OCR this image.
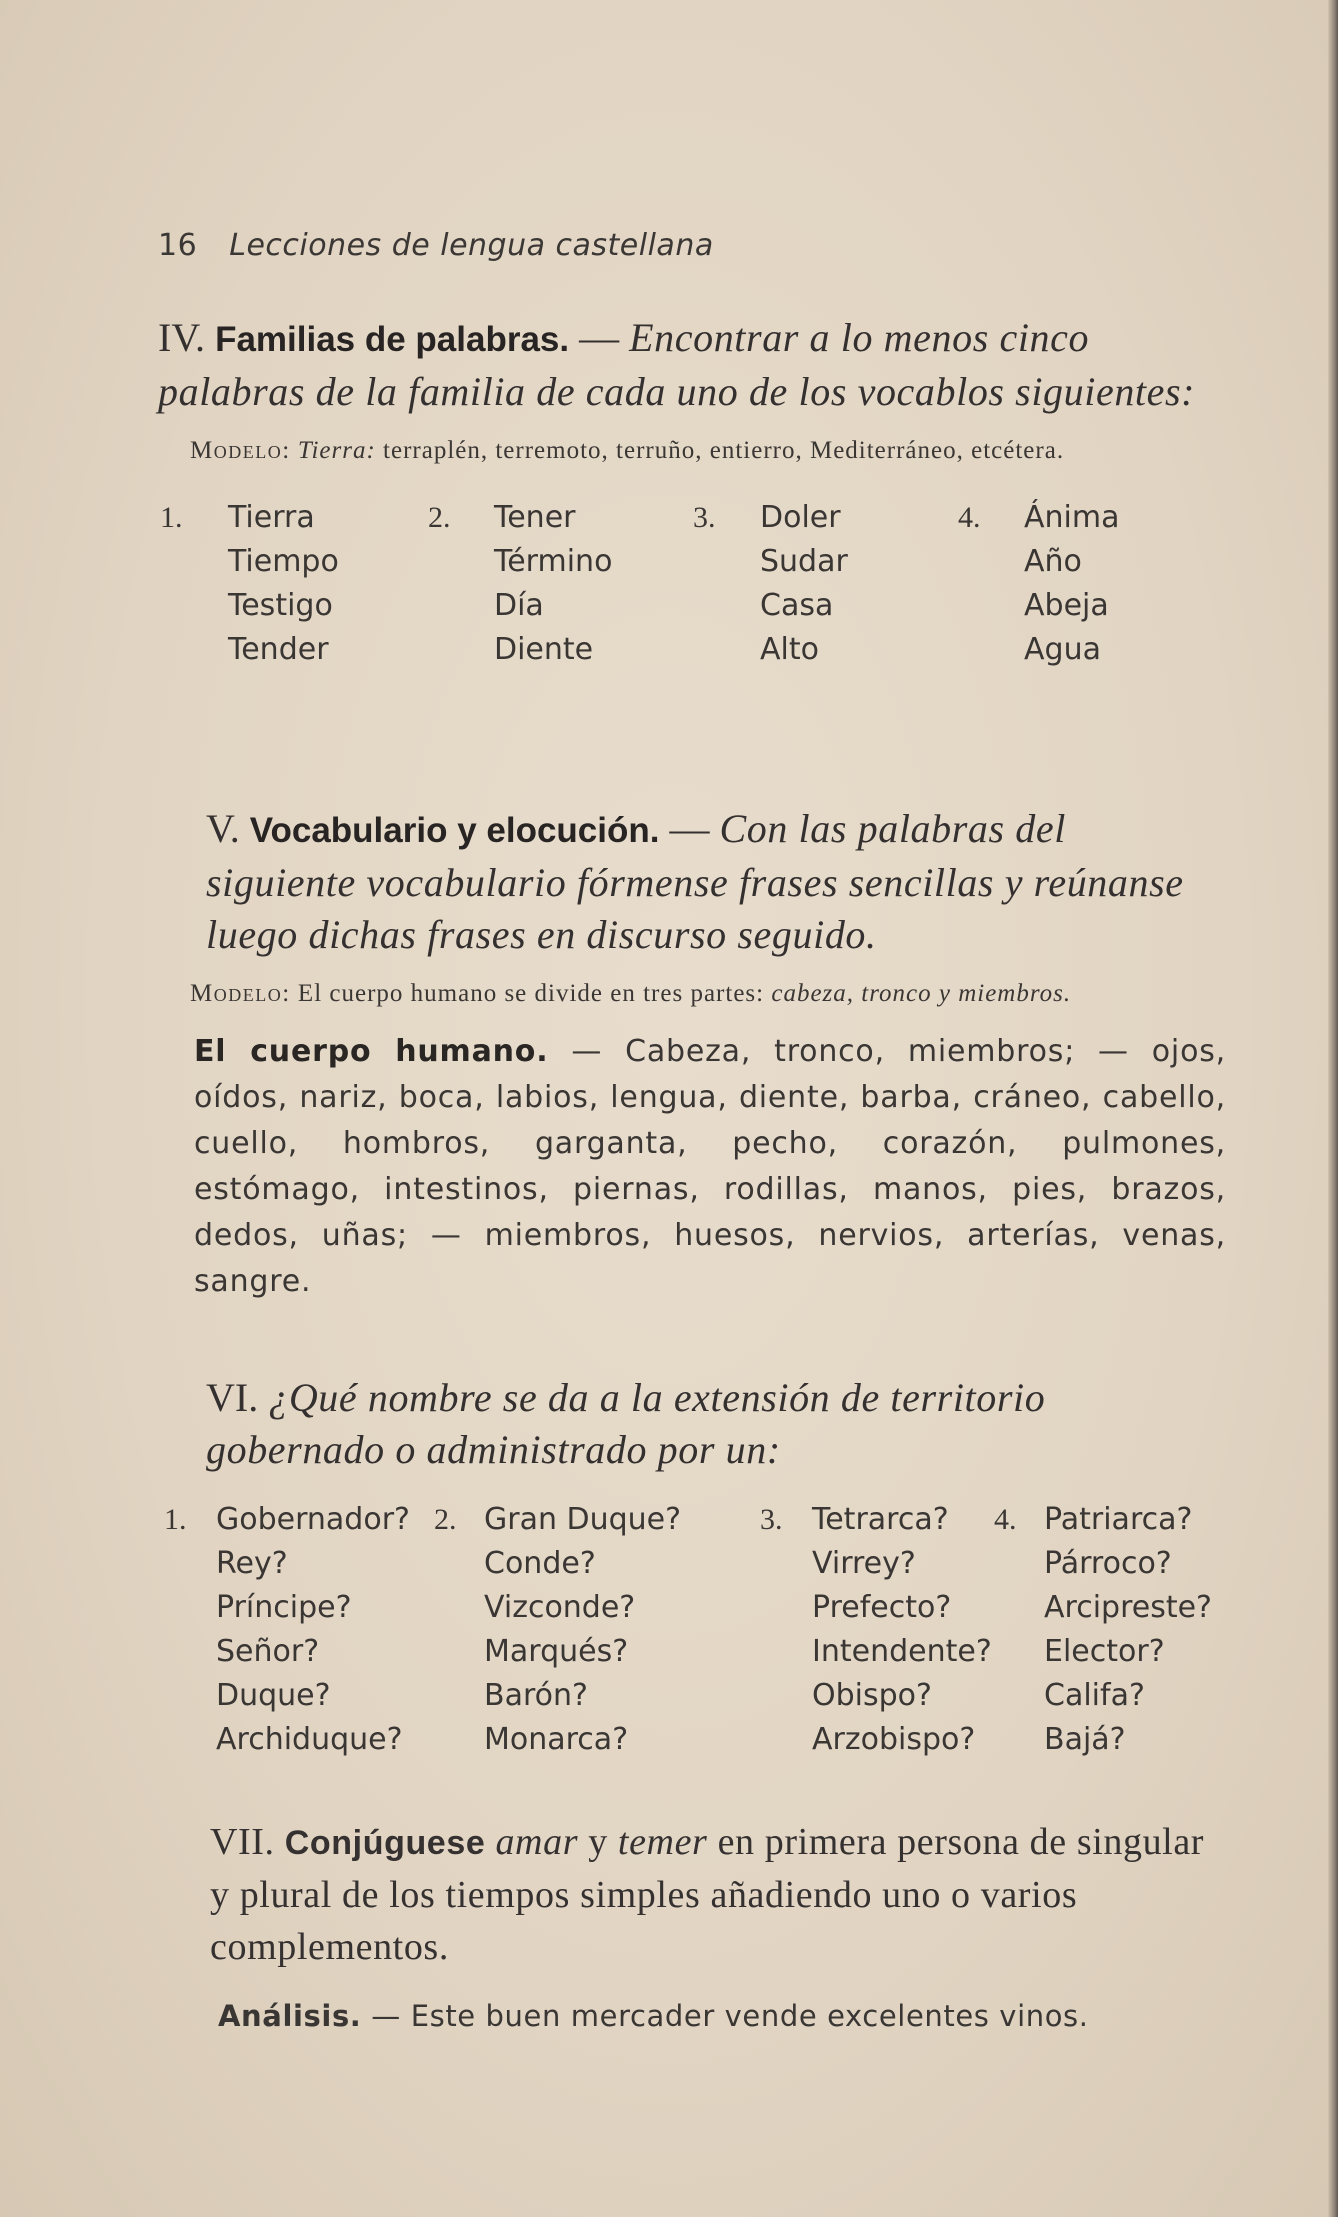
16 Lecciones de lengua castellana
IV. Familias de palabras. — Encontrar a lo menos cinco palabras de la familia de cada uno de los vocablos siguientes:
Modelo: Tierra: terraplén, terremoto, terruño, entierro, Mediterráneo, etcétera.
1. Tierra
Tiempo
Testigo
Tender
2. Tener
Término
Día
Diente
3. Doler
Sudar
Casa
Alto
4. Ánima
Año
Abeja
Agua
V. Vocabulario y elocución. — Con las palabras del siguiente vocabulario fórmense frases sencillas y reúnanse luego dichas frases en discurso seguido.
Modelo: El cuerpo humano se divide en tres partes: cabeza, tronco y miembros.
El cuerpo humano. — Cabeza, tronco, miembros; — ojos, oídos, nariz, boca, labios, lengua, diente, barba, cráneo, cabello, cuello, hombros, garganta, pecho, corazón, pulmones, estómago, intestinos, piernas, rodillas, manos, pies, brazos, dedos, uñas; — miembros, huesos, nervios, arterías, venas, sangre.
VI. ¿Qué nombre se da a la extensión de territorio gobernado o administrado por un:
1. Gobernador?
Rey?
Príncipe?
Señor?
Duque?
Archiduque?
2. Gran Duque?
Conde?
Vizconde?
Marqués?
Barón?
Monarca?
3. Tetrarca?
Virrey?
Prefecto?
Intendente?
Obispo?
Arzobispo?
4. Patriarca?
Párroco?
Arcipreste?
Elector?
Califa?
Bajá?
VII. Conjúguese amar y temer en primera persona de singular y plural de los tiempos simples añadiendo uno o varios complementos.
Análisis. — Este buen mercader vende excelentes vinos.
